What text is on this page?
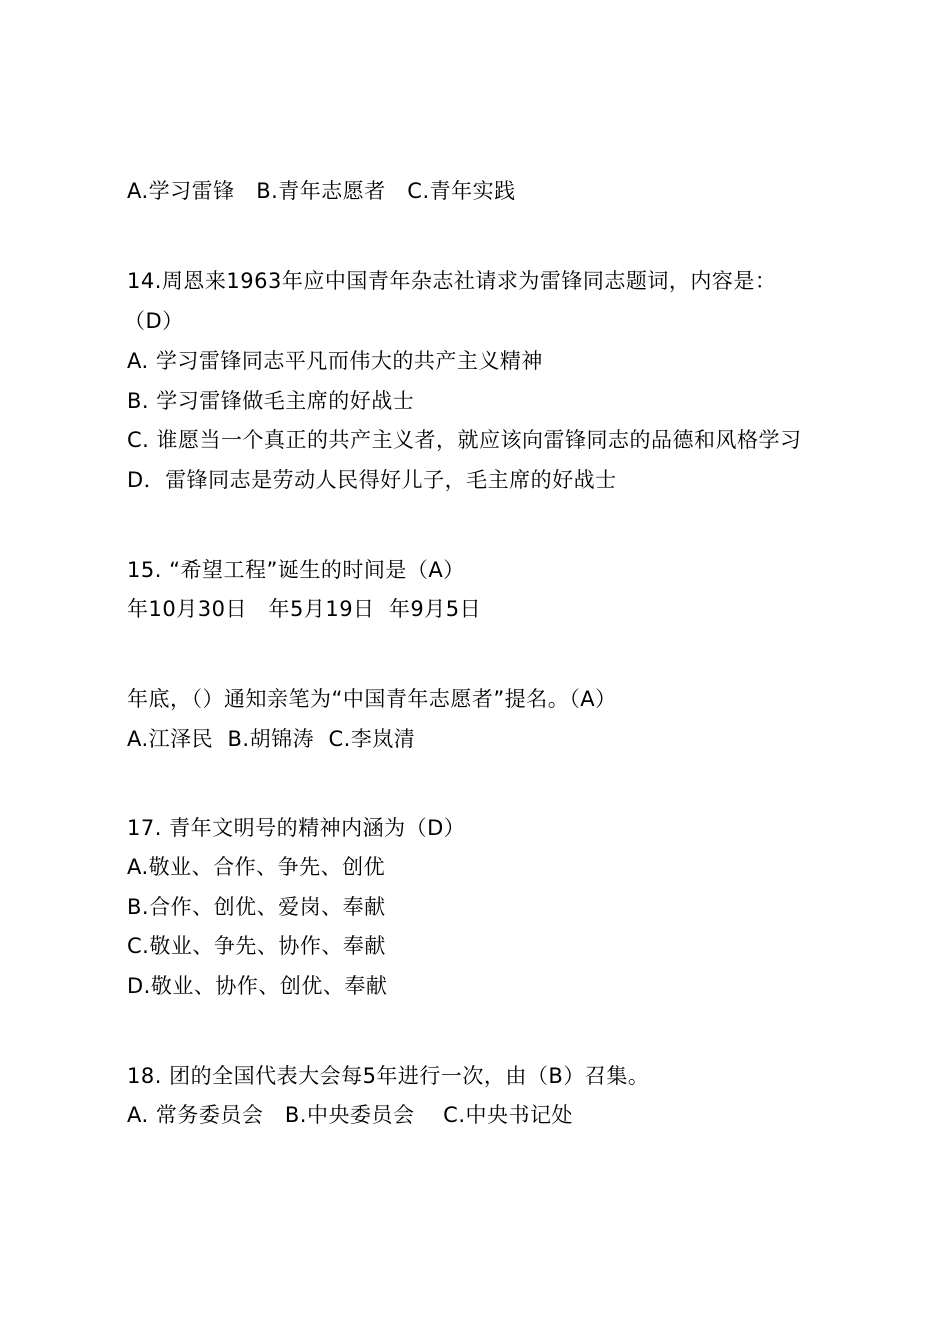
A.学习雷锋   B.青年志愿者   C.青年实践
14.周恩来1963年应中国青年杂志社请求为雷锋同志题词，内容是：
（D）
A. 学习雷锋同志平凡而伟大的共产主义精神
B. 学习雷锋做毛主席的好战士
C. 谁愿当一个真正的共产主义者，就应该向雷锋同志的品德和风格学习
D．雷锋同志是劳动人民得好儿子，毛主席的好战士
15. “希望工程”诞生的时间是（A）
年10月30日   年5月19日  年9月5日
年底，（）通知亲笔为“中国青年志愿者”提名。（A）
A.江泽民  B.胡锦涛  C.李岚清
17. 青年文明号的精神内涵为（D）
A.敬业、合作、争先、创优
B.合作、创优、爱岗、奉献
C.敬业、争先、协作、奉献
D.敬业、协作、创优、奉献
18. 团的全国代表大会每5年进行一次，由（B）召集。
A. 常务委员会   B.中央委员会    C.中央书记处
